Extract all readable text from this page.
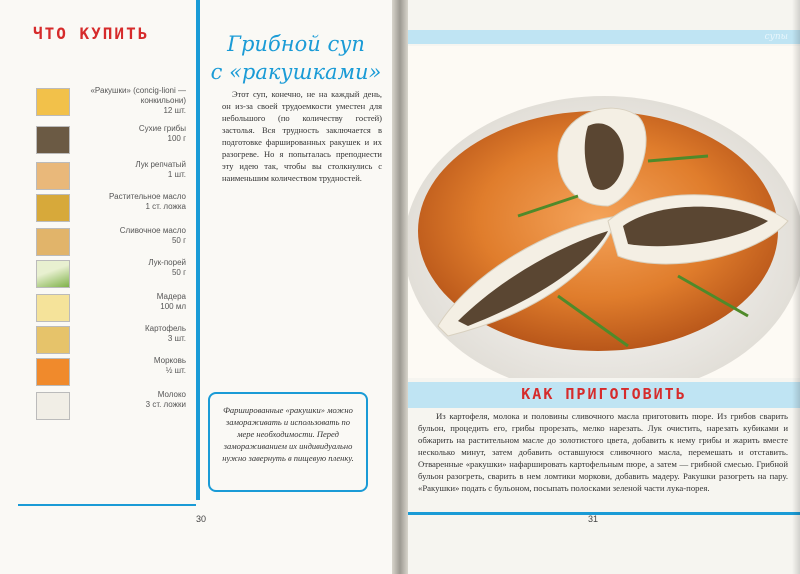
ЧТО КУПИТЬ
«Ракушки» (concig-lioni — конкильони)
12 шт.
Сухие грибы
100 г
Лук репчатый
1 шт.
Растительное масло
1 ст. ложка
Сливочное масло
50 г
Лук-порей
50 г
Мадера
100 мл
Картофель
3 шт.
Морковь
½ шт.
Молоко
3 ст. ложки
Грибной суп
с «ракушками»

Этот суп, конечно, не на каждый день, он из-за своей трудоемкости уместен для небольшого (по количеству гостей) застолья. Вся трудность заключается в подготовке фаршированных ракушек и их разогреве. Но я попыталась преподнести эту идею так, чтобы вы столкнулись с наименьшим количеством трудностей.

Фаршированные «ракушки» можно замораживать и использовать по мере необходимости. Перед замораживанием их индивидуально нужно завернуть в пищевую пленку.

30
супы
КАК ПРИГОТОВИТЬ

Из картофеля, молока и половины сливочного масла приготовить пюре. Из грибов сварить бульон, процедить его, грибы прорезать, мелко нарезать. Лук очистить, нарезать кубиками и обжарить на растительном масле до золотистого цвета, добавить к нему грибы и жарить вместе несколько минут, затем добавить оставшуюся сливочного масла, перемешать и отставить. Отваренные «ракушки» нафаршировать картофельным пюре, а затем — грибной смесью. Грибной бульон разогреть, сварить в нем ломтики моркови, добавить мадеру. Ракушки разогреть на пару. «Ракушки» подать с бульоном, посыпать полосками зеленой части лука-порея.

31
